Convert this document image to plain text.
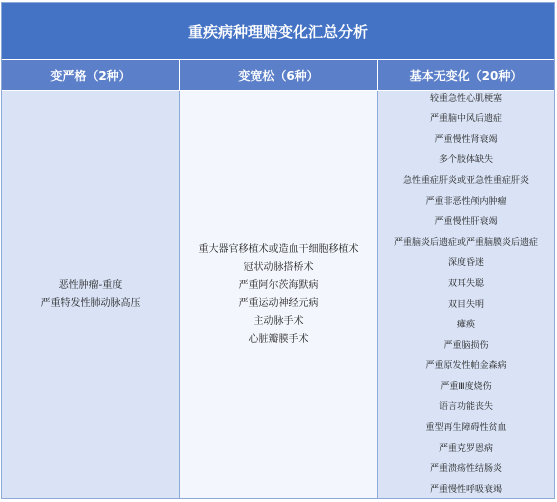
重疾病种理赔变化汇总分析
变严格（2种）	变宽松（6种）	基本无变化（20种）
恶性肿瘤-重度
严重特发性肺动脉高压
重大器官移植术或造血干细胞移植术
冠状动脉搭桥术
严重阿尔茨海默病
严重运动神经元病
主动脉手术
心脏瓣膜手术
较重急性心肌梗塞
严重脑中风后遗症
严重慢性肾衰竭
多个肢体缺失
急性重症肝炎或亚急性重症肝炎
严重非恶性颅内肿瘤
严重慢性肝衰竭
严重脑炎后遗症或严重脑膜炎后遗症
深度昏迷
双耳失聪
双目失明
瘫痪
严重脑损伤
严重原发性帕金森病
严重Ⅲ度烧伤
语言功能丧失
重型再生障碍性贫血
严重克罗恩病
严重溃疡性结肠炎
严重慢性呼吸衰竭
